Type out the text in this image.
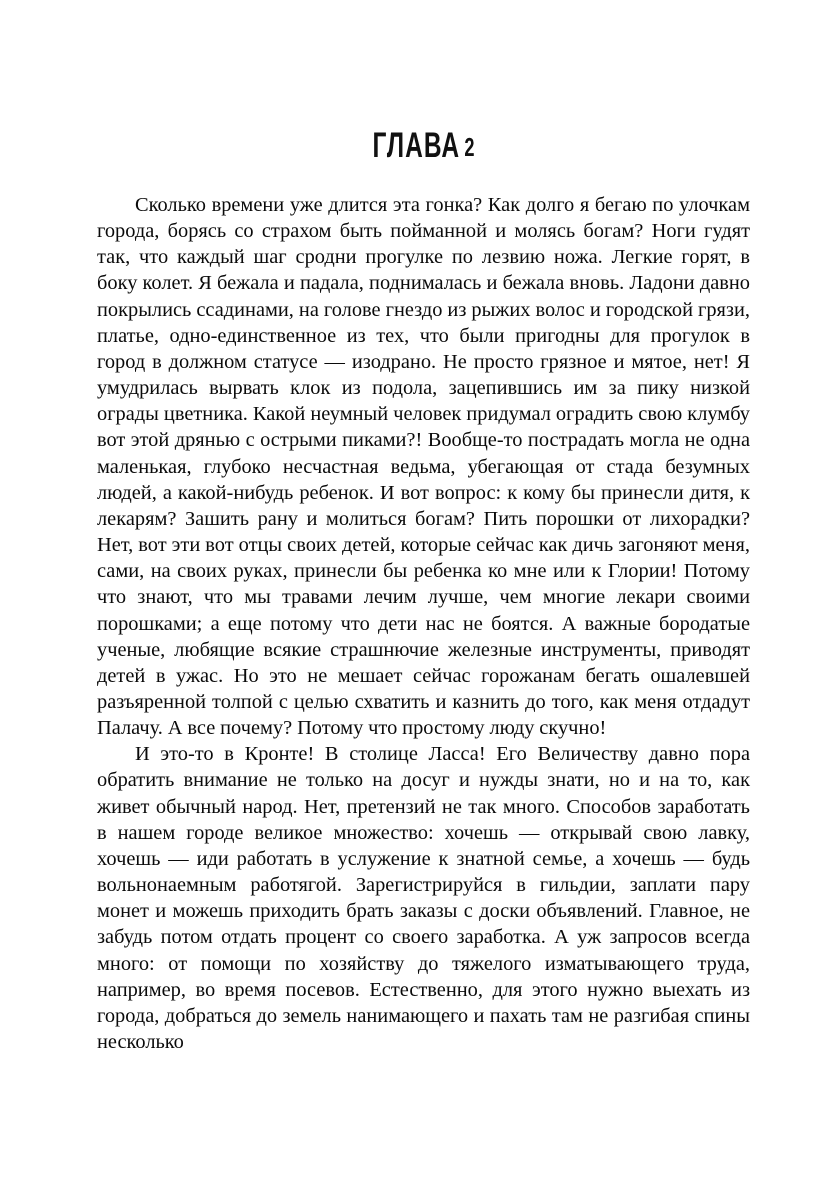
ГЛАВА 2

Сколько времени уже длится эта гонка? Как долго я бегаю по улочкам города, борясь со страхом быть пойманной и молясь богам? Ноги гудят так, что каждый шаг сродни прогулке по лезвию ножа. Легкие горят, в боку колет. Я бежала и падала, поднималась и бежала вновь. Ладони давно покрылись ссадинами, на голове гнездо из рыжих волос и городской грязи, платье, одно-единственное из тех, что были пригодны для прогулок в город в должном статусе — изодрано. Не просто грязное и мятое, нет! Я умудрилась вырвать клок из подола, зацепившись им за пику низкой ограды цветника. Какой неумный человек придумал оградить свою клумбу вот этой дрянью с острыми пиками?! Вообще-то пострадать могла не одна маленькая, глубоко несчастная ведьма, убегающая от стада безумных людей, а какой-нибудь ребенок. И вот вопрос: к кому бы принесли дитя, к лекарям? Зашить рану и молиться богам? Пить порошки от лихорадки? Нет, вот эти вот отцы своих детей, которые сейчас как дичь загоняют меня, сами, на своих руках, принесли бы ребенка ко мне или к Глории! Потому что знают, что мы травами лечим лучше, чем многие лекари своими порошками; а еще потому что дети нас не боятся. А важные бородатые ученые, любящие всякие страшнючие железные инструменты, приводят детей в ужас. Но это не мешает сейчас горожанам бегать ошалевшей разъяренной толпой с целью схватить и казнить до того, как меня отдадут Палачу. А все почему? Потому что простому люду скучно!

И это-то в Кронте! В столице Ласса! Его Величеству давно пора обратить внимание не только на досуг и нужды знати, но и на то, как живет обычный народ. Нет, претензий не так много. Способов заработать в нашем городе великое множество: хочешь — открывай свою лавку, хочешь — иди работать в услужение к знатной семье, а хочешь — будь вольнонаемным работягой. Зарегистрируйся в гильдии, заплати пару монет и можешь приходить брать заказы с доски объявлений. Главное, не забудь потом отдать процент со своего заработка. А уж запросов всегда много: от помощи по хозяйству до тяжелого изматывающего труда, например, во время посевов. Естественно, для этого нужно выехать из города, добраться до земель нанимающего и пахать там не разгибая спины несколько
